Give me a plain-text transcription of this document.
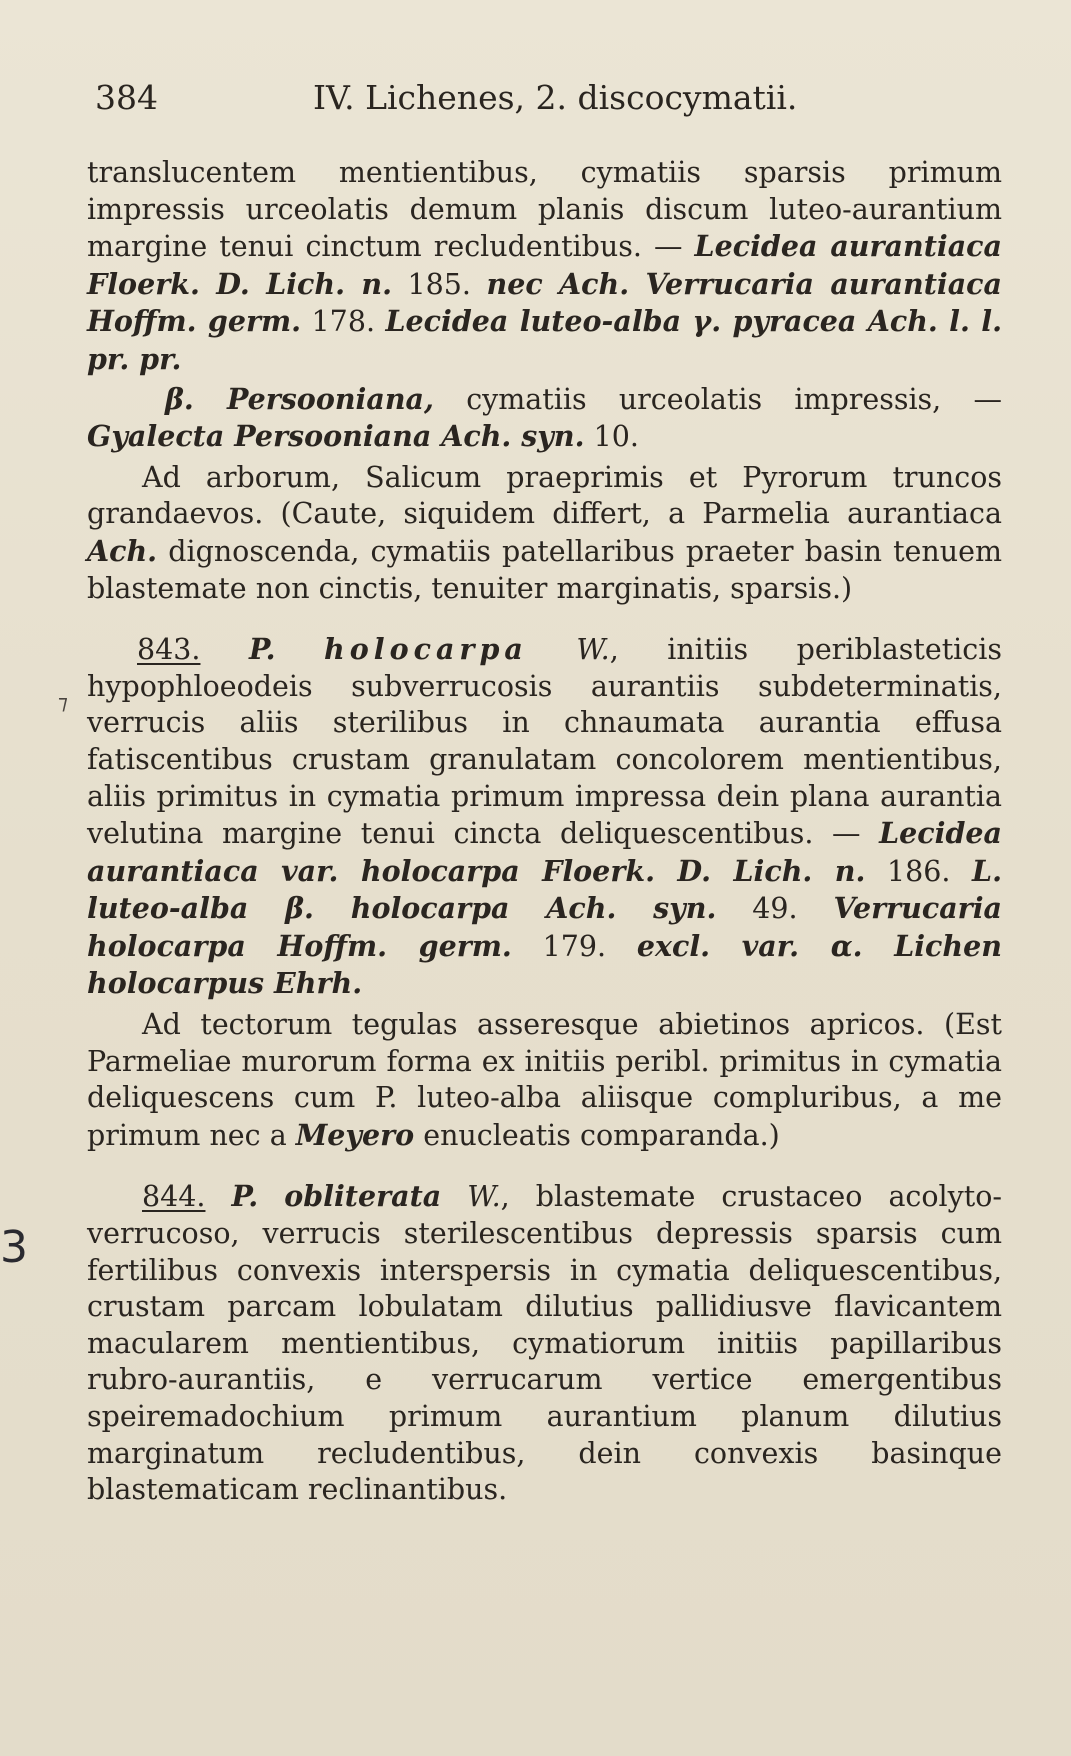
384	IV. Lichenes, 2. discocymatii.
⁊
3

translucentem mentientibus, cymatiis sparsis primum impressis urceolatis demum planis discum luteo-aurantium margine tenui cinctum recludentibus. — Lecidea aurantiaca Floerk. D. Lich. n. 185. nec Ach. Verrucaria aurantiaca Hoffm. germ. 178. Lecidea luteo-alba γ. pyracea Ach. l. l. pr. pr.

β. Persooniana, cymatiis urceolatis impressis, — Gyalecta Persooniana Ach. syn. 10.

Ad arborum, Salicum praeprimis et Pyrorum truncos grandaevos. (Caute, siquidem differt, a Parmelia aurantiaca Ach. dignoscenda, cymatiis patellaribus praeter basin tenuem blastemate non cinctis, tenuiter marginatis, sparsis.)

843. P. holocarpa W., initiis periblasteticis hypophloeodeis subverrucosis aurantiis subdeterminatis, verrucis aliis sterilibus in chnaumata aurantia effusa fatiscentibus crustam granulatam concolorem mentientibus, aliis primitus in cymatia primum impressa dein plana aurantia velutina margine tenui cincta deliquescentibus. — Lecidea aurantiaca var. holocarpa Floerk. D. Lich. n. 186. L. luteo-alba β. holocarpa Ach. syn. 49. Verrucaria holocarpa Hoffm. germ. 179. excl. var. α. Lichen holocarpus Ehrh.

Ad tectorum tegulas asseresque abietinos apricos. (Est Parmeliae murorum forma ex initiis peribl. primitus in cymatia deliquescens cum P. luteo-alba aliisque compluribus, a me primum nec a Meyero enucleatis comparanda.)

844. P. obliterata W., blastemate crustaceo acolyto-verrucoso, verrucis sterilescentibus depressis sparsis cum fertilibus convexis interspersis in cymatia deliquescentibus, crustam parcam lobulatam dilutius pallidiusve flavicantem macularem mentientibus, cymatiorum initiis papillaribus rubro-aurantiis, e verrucarum vertice emergentibus speiremadochium primum aurantium planum dilutius marginatum recludentibus, dein convexis basinque blastematicam reclinantibus.
